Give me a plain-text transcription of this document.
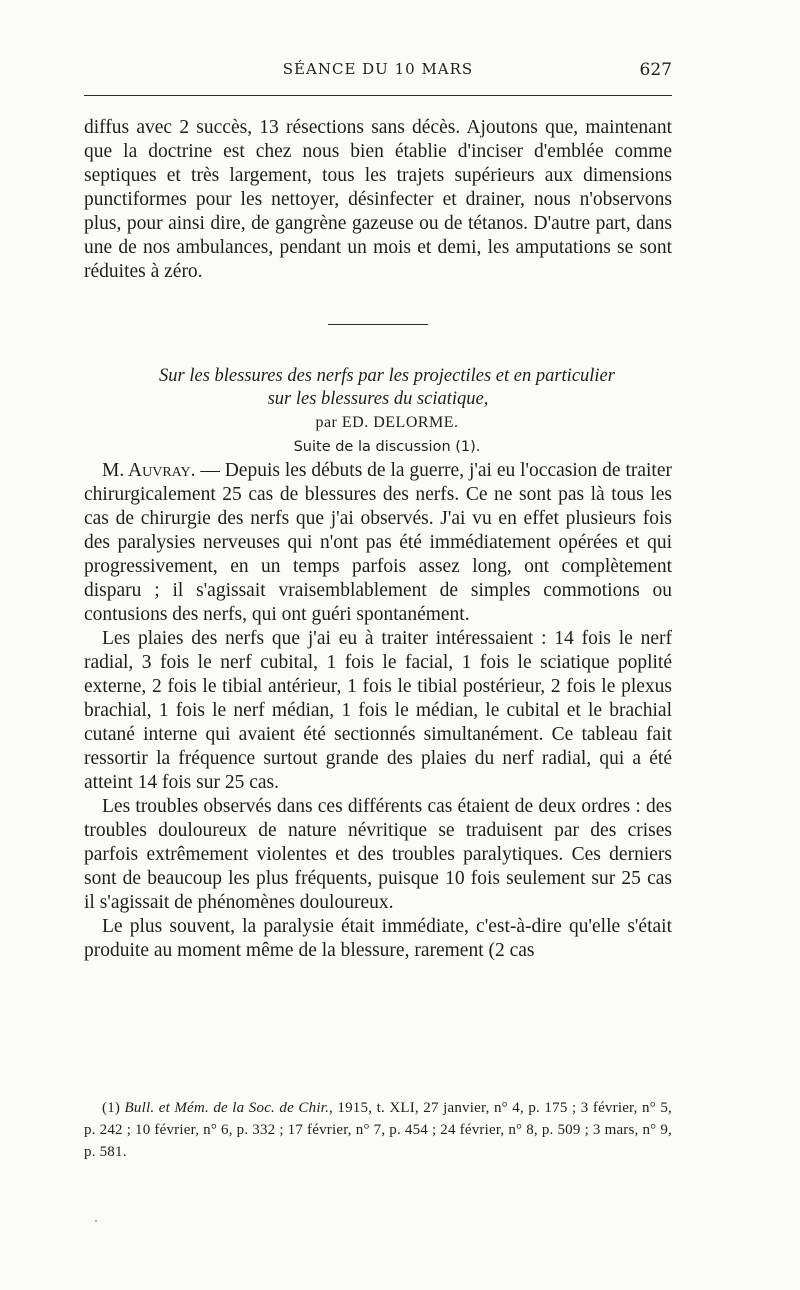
SÉANCE DU 10 MARS	627

diffus avec 2 succès, 13 résections sans décès. Ajoutons que, maintenant que la doctrine est chez nous bien établie d'inciser d'emblée comme septiques et très largement, tous les trajets supérieurs aux dimensions punctiformes pour les nettoyer, désinfecter et drainer, nous n'observons plus, pour ainsi dire, de gangrène gazeuse ou de tétanos. D'autre part, dans une de nos ambulances, pendant un mois et demi, les amputations se sont réduites à zéro.

Sur les blessures des nerfs par les projectiles et en particulier
sur les blessures du sciatique,

par ED. DELORME.

Suite de la discussion (1).

M. Auvray. — Depuis les débuts de la guerre, j'ai eu l'occasion de traiter chirurgicalement 25 cas de blessures des nerfs. Ce ne sont pas là tous les cas de chirurgie des nerfs que j'ai observés. J'ai vu en effet plusieurs fois des paralysies nerveuses qui n'ont pas été immédiatement opérées et qui progressivement, en un temps parfois assez long, ont complètement disparu ; il s'agissait vraisemblablement de simples commotions ou contusions des nerfs, qui ont guéri spontanément.

Les plaies des nerfs que j'ai eu à traiter intéressaient : 14 fois le nerf radial, 3 fois le nerf cubital, 1 fois le facial, 1 fois le sciatique poplité externe, 2 fois le tibial antérieur, 1 fois le tibial postérieur, 2 fois le plexus brachial, 1 fois le nerf médian, 1 fois le médian, le cubital et le brachial cutané interne qui avaient été sectionnés simultanément. Ce tableau fait ressortir la fréquence surtout grande des plaies du nerf radial, qui a été atteint 14 fois sur 25 cas.

Les troubles observés dans ces différents cas étaient de deux ordres : des troubles douloureux de nature névritique se traduisent par des crises parfois extrêmement violentes et des troubles paralytiques. Ces derniers sont de beaucoup les plus fréquents, puisque 10 fois seulement sur 25 cas il s'agissait de phénomènes douloureux.

Le plus souvent, la paralysie était immédiate, c'est-à-dire qu'elle s'était produite au moment même de la blessure, rarement (2 cas

(1) Bull. et Mém. de la Soc. de Chir., 1915, t. XLI, 27 janvier, n° 4, p. 175 ; 3 février, n° 5, p. 242 ; 10 février, n° 6, p. 332 ; 17 février, n° 7, p. 454 ; 24 février, n° 8, p. 509 ; 3 mars, n° 9, p. 581.
